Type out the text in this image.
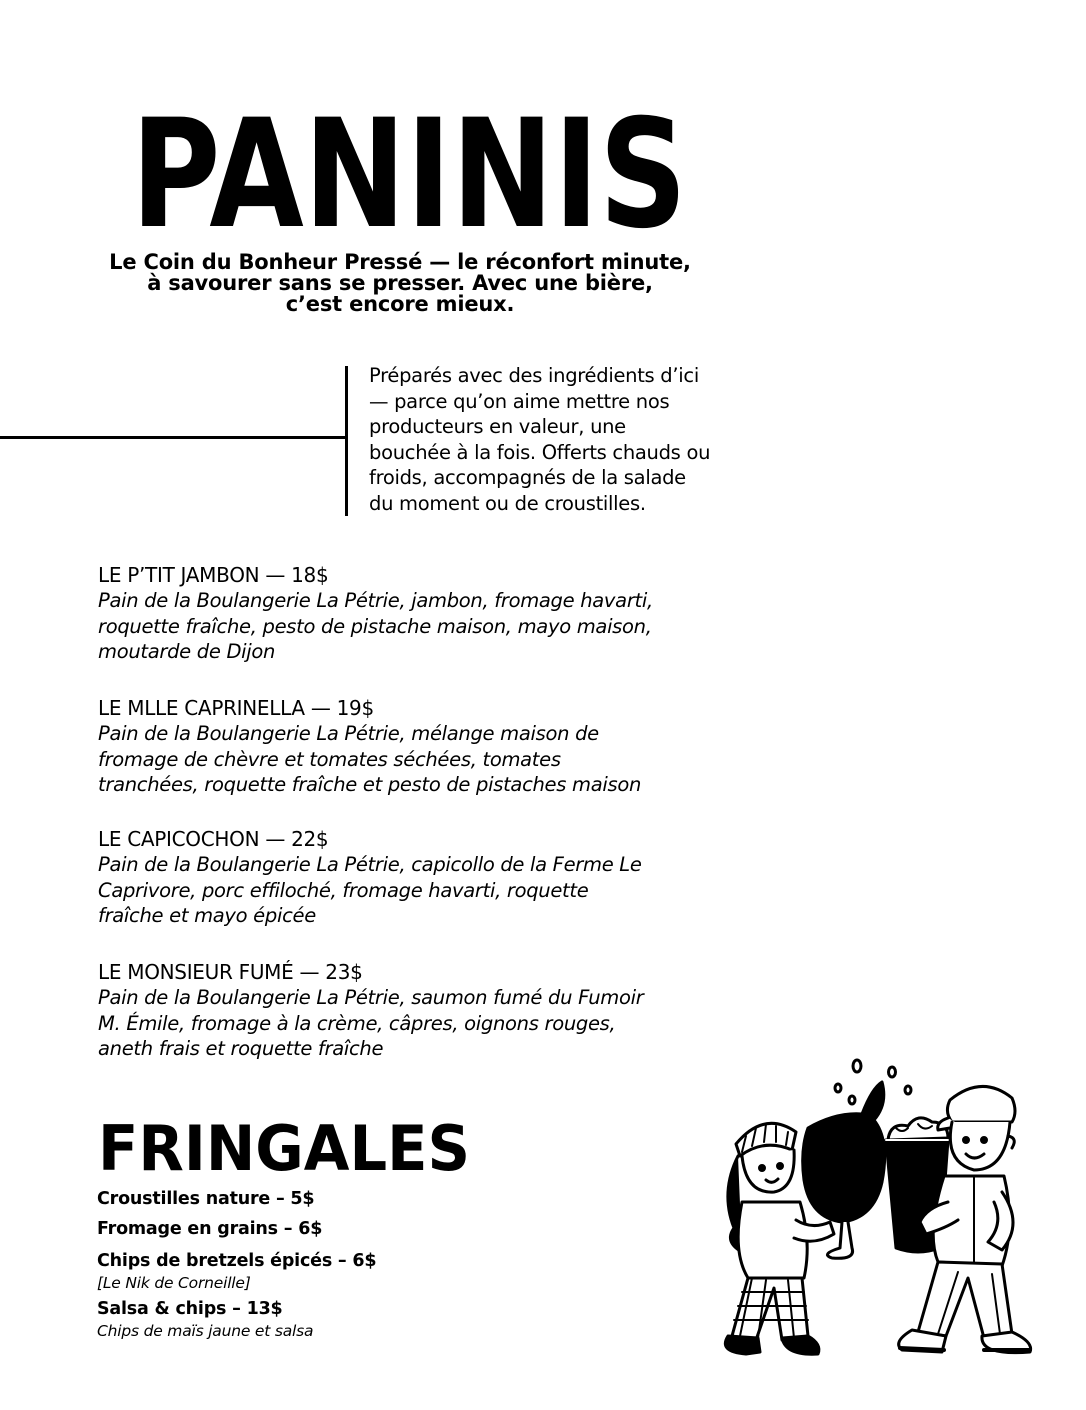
PANINIS
Le Coin du Bonheur Pressé — le réconfort minute,
à savourer sans se presser. Avec une bière,
c’est encore mieux.
Préparés avec des ingrédients d’ici
— parce qu’on aime mettre nos
producteurs en valeur, une
bouchée à la fois. Offerts chauds ou
froids, accompagnés de la salade
du moment ou de croustilles.
LE P’TIT JAMBON — 18$
Pain de la Boulangerie La Pétrie, jambon, fromage havarti,
roquette fraîche, pesto de pistache maison, mayo maison,
moutarde de Dijon
LE MLLE CAPRINELLA — 19$
Pain de la Boulangerie La Pétrie, mélange maison de
fromage de chèvre et tomates séchées, tomates
tranchées, roquette fraîche et pesto de pistaches maison
LE CAPICOCHON — 22$
Pain de la Boulangerie La Pétrie, capicollo de la Ferme Le
Caprivore, porc effiloché, fromage havarti, roquette
fraîche et mayo épicée
LE MONSIEUR FUMÉ — 23$
Pain de la Boulangerie La Pétrie, saumon fumé du Fumoir
M. Émile, fromage à la crème, câpres, oignons rouges,
aneth frais et roquette fraîche
FRINGALES
Croustilles nature – 5$
Fromage en grains – 6$
Chips de bretzels épicés – 6$
[Le Nik de Corneille]
Salsa & chips – 13$
Chips de maïs jaune et salsa
